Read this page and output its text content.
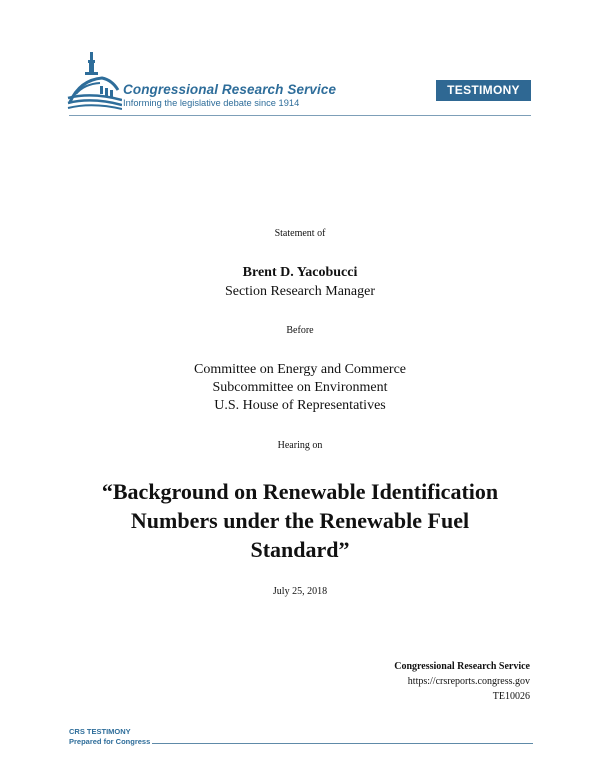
Congressional Research Service
Informing the legislative debate since 1914
TESTIMONY
Statement of
Brent D. Yacobucci
Section Research Manager
Before
Committee on Energy and Commerce
Subcommittee on Environment
U.S. House of Representatives
Hearing on
“Background on Renewable Identification
Numbers under the Renewable Fuel
Standard”
July 25, 2018
Congressional Research Service
https://crsreports.congress.gov
TE10026
CRS TESTIMONY
Prepared for Congress
